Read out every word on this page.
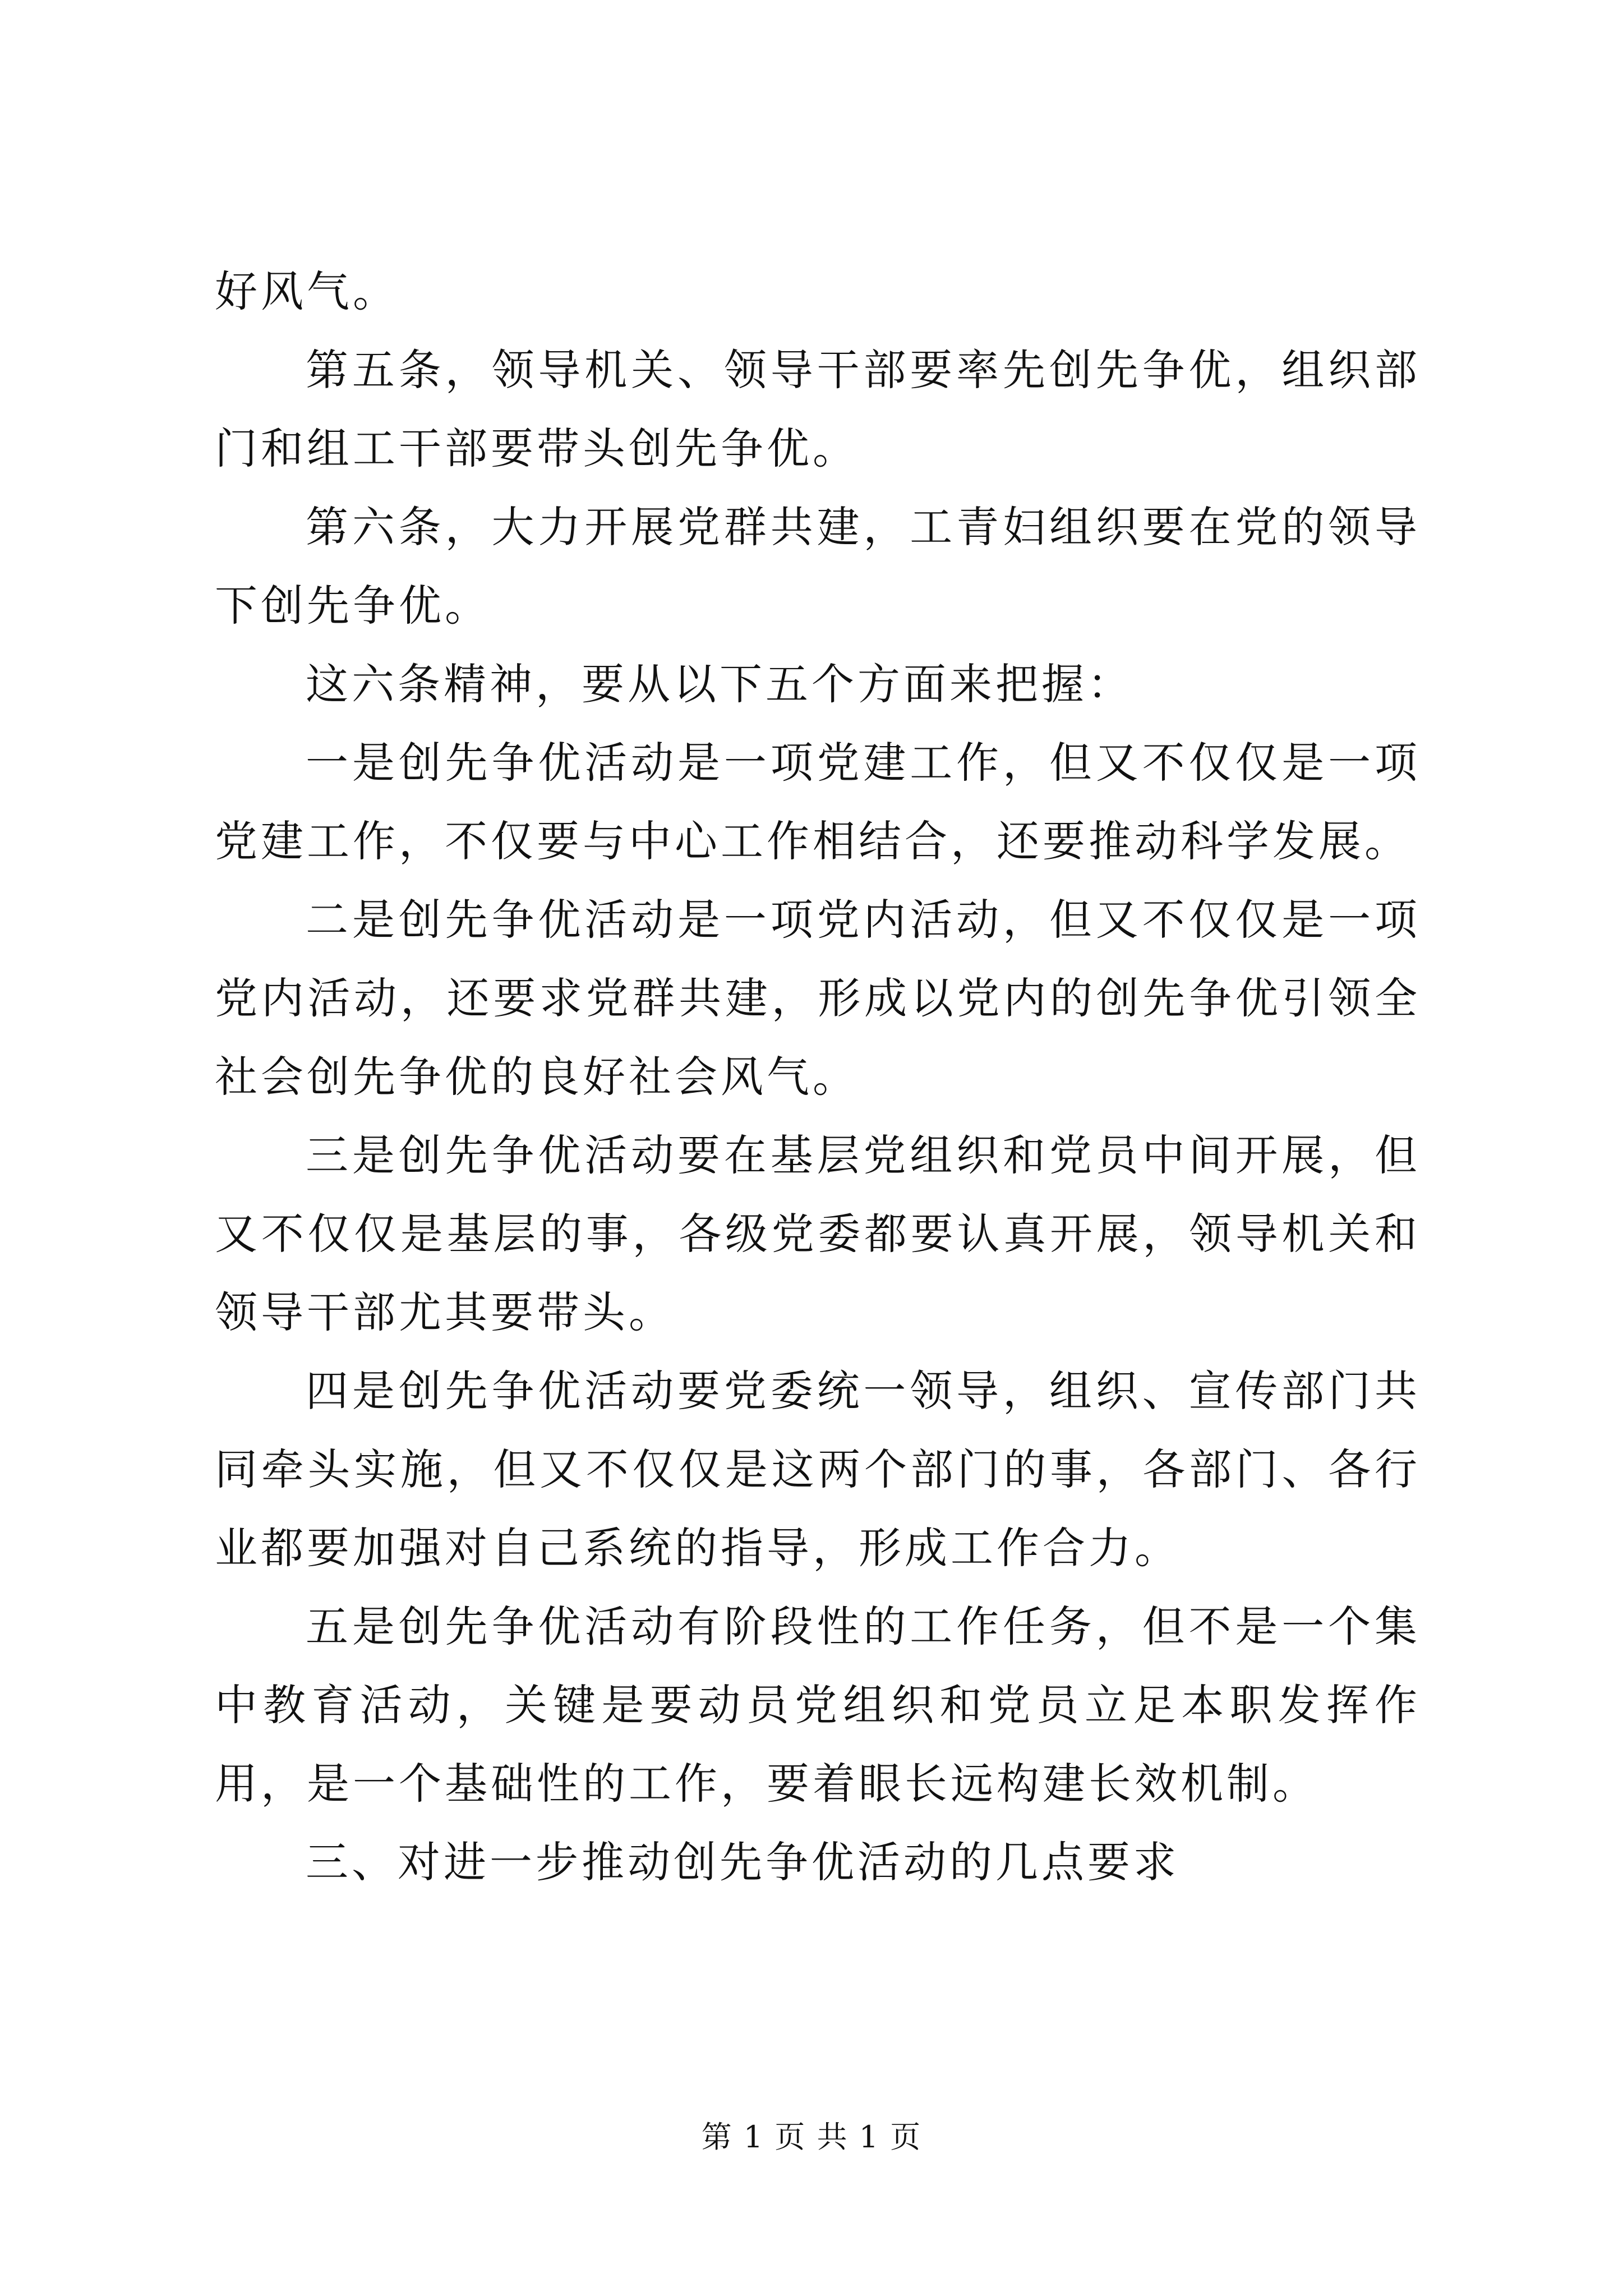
好风气。

第五条，领导机关、领导干部要率先创先争优，组织部门和组工干部要带头创先争优。

第六条，大力开展党群共建，工青妇组织要在党的领导下创先争优。

这六条精神，要从以下五个方面来把握：

一是创先争优活动是一项党建工作，但又不仅仅是一项党建工作，不仅要与中心工作相结合，还要推动科学发展。

二是创先争优活动是一项党内活动，但又不仅仅是一项党内活动，还要求党群共建，形成以党内的创先争优引领全社会创先争优的良好社会风气。

三是创先争优活动要在基层党组织和党员中间开展，但又不仅仅是基层的事，各级党委都要认真开展，领导机关和领导干部尤其要带头。

四是创先争优活动要党委统一领导，组织、宣传部门共同牵头实施，但又不仅仅是这两个部门的事，各部门、各行业都要加强对自己系统的指导，形成工作合力。

五是创先争优活动有阶段性的工作任务，但不是一个集中教育活动，关键是要动员党组织和党员立足本职发挥作用，是一个基础性的工作，要着眼长远构建长效机制。

三、对进一步推动创先争优活动的几点要求

第 1 页 共 1 页
